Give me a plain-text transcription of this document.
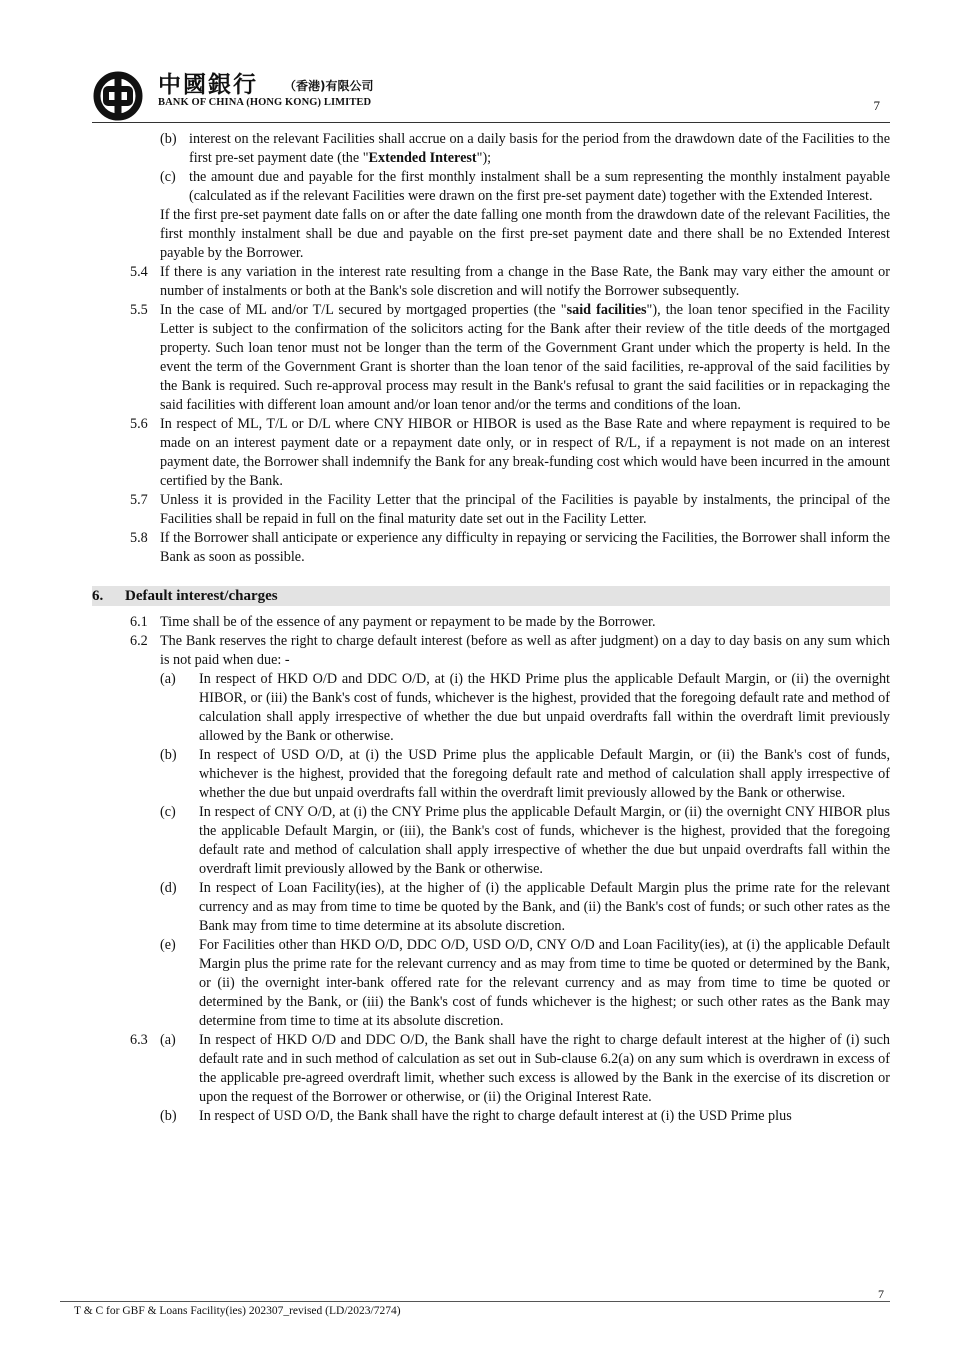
中國銀行 （香港)有限公司
BANK OF CHINA (HONG KONG) LIMITED	7
(b) interest on the relevant Facilities shall accrue on a daily basis for the period from the drawdown date of the Facilities to the first pre-set payment date (the "Extended Interest");
(c) the amount due and payable for the first monthly instalment shall be a sum representing the monthly instalment payable (calculated as if the relevant Facilities were drawn on the first pre-set payment date) together with the Extended Interest.

If the first pre-set payment date falls on or after the date falling one month from the drawdown date of the relevant Facilities, the first monthly instalment shall be due and payable on the first pre-set payment date and there shall be no Extended Interest payable by the Borrower.

5.4 If there is any variation in the interest rate resulting from a change in the Base Rate, the Bank may vary either the amount or number of instalments or both at the Bank's sole discretion and will notify the Borrower subsequently.
5.5 In the case of ML and/or T/L secured by mortgaged properties (the "said facilities"), the loan tenor specified in the Facility Letter is subject to the confirmation of the solicitors acting for the Bank after their review of the title deeds of the mortgaged property. Such loan tenor must not be longer than the term of the Government Grant under which the property is held. In the event the term of the Government Grant is shorter than the loan tenor of the said facilities, re-approval of the said facilities by the Bank is required. Such re-approval process may result in the Bank's refusal to grant the said facilities or in repackaging the said facilities with different loan amount and/or loan tenor and/or the terms and conditions of the loan.
5.6 In respect of ML, T/L or D/L where CNY HIBOR or HIBOR is used as the Base Rate and where repayment is required to be made on an interest payment date or a repayment date only, or in respect of R/L, if a repayment is not made on an interest payment date, the Borrower shall indemnify the Bank for any break-funding cost which would have been incurred in the amount certified by the Bank.
5.7 Unless it is provided in the Facility Letter that the principal of the Facilities is payable by instalments, the principal of the Facilities shall be repaid in full on the final maturity date set out in the Facility Letter.
5.8 If the Borrower shall anticipate or experience any difficulty in repaying or servicing the Facilities, the Borrower shall inform the Bank as soon as possible.
6. Default interest/charges
6.1 Time shall be of the essence of any payment or repayment to be made by the Borrower.
6.2 The Bank reserves the right to charge default interest (before as well as after judgment) on a day to day basis on any sum which is not paid when due: -
(a)	In respect of HKD O/D and DDC O/D, at (i) the HKD Prime plus the applicable Default Margin, or (ii) the overnight HIBOR, or (iii) the Bank's cost of funds, whichever is the highest, provided that the foregoing default rate and method of calculation shall apply irrespective of whether the due but unpaid overdrafts fall within the overdraft limit previously allowed by the Bank or otherwise.
(b)	In respect of USD O/D, at (i) the USD Prime plus the applicable Default Margin, or (ii) the Bank's cost of funds, whichever is the highest, provided that the foregoing default rate and method of calculation shall apply irrespective of whether the due but unpaid overdrafts fall within the overdraft limit previously allowed by the Bank or otherwise.
(c)	In respect of CNY O/D, at (i) the CNY Prime plus the applicable Default Margin, or (ii) the overnight CNY HIBOR plus the applicable Default Margin, or (iii), the Bank's cost of funds, whichever is the highest, provided that the foregoing default rate and method of calculation shall apply irrespective of whether the due but unpaid overdrafts fall within the overdraft limit previously allowed by the Bank or otherwise.
(d)	In respect of Loan Facility(ies), at the higher of (i) the applicable Default Margin plus the prime rate for the relevant currency and as may from time to time be quoted by the Bank, and (ii) the Bank's cost of funds; or such other rates as the Bank may from time to time determine at its absolute discretion.
(e)	For Facilities other than HKD O/D, DDC O/D, USD O/D, CNY O/D and Loan Facility(ies), at (i) the applicable Default Margin plus the prime rate for the relevant currency and as may from time to time be quoted or determined by the Bank, or (ii) the overnight inter-bank offered rate for the relevant currency and as may from time to time be quoted or determined by the Bank, or (iii) the Bank's cost of funds whichever is the highest; or such other rates as the Bank may determine from time to time at its absolute discretion.
6.3 (a)	In respect of HKD O/D and DDC O/D, the Bank shall have the right to charge default interest at the higher of (i) such default rate and in such method of calculation as set out in Sub-clause 6.2(a) on any sum which is overdrawn in excess of the applicable pre-agreed overdraft limit, whether such excess is allowed by the Bank in the exercise of its discretion or upon the request of the Borrower or otherwise, or (ii) the Original Interest Rate.
(b)	In respect of USD O/D, the Bank shall have the right to charge default interest at (i) the USD Prime plus
7
T & C for GBF & Loans Facility(ies) 202307_revised (LD/2023/7274)
